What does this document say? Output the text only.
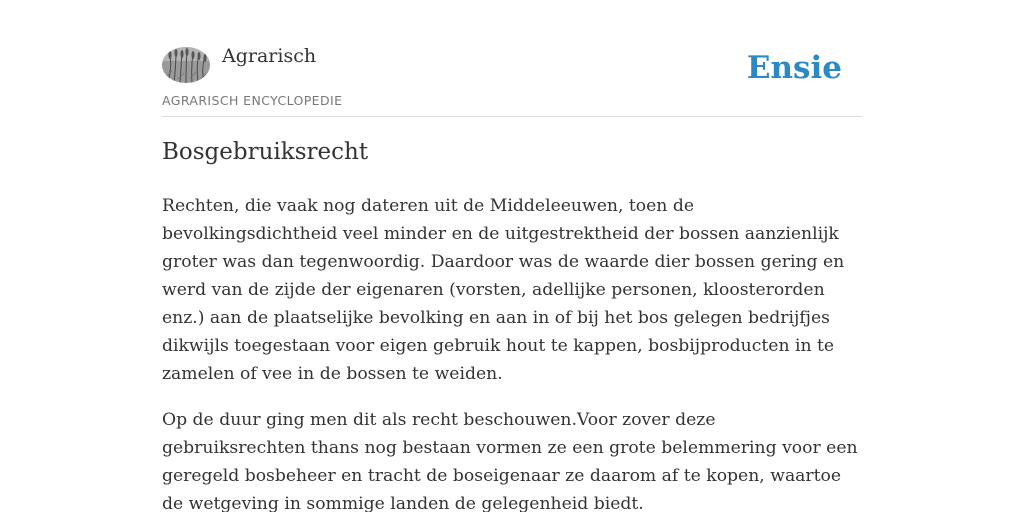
Agrarisch
AGRARISCH ENCYCLOPEDIE
Ensie
Bosgebruiksrecht

Rechten, die vaak nog dateren uit de Middeleeuwen, toen de bevolkingsdichtheid veel minder en de uitgestrektheid der bossen aanzienlijk groter was dan tegenwoordig. Daardoor was de waarde dier bossen gering en werd van de zijde der eigenaren (vorsten, adellijke personen, kloosterorden enz.) aan de plaatselijke bevolking en aan in of bij het bos gelegen bedrijfjes dikwijls toegestaan voor eigen gebruik hout te kappen, bosbijproducten in te zamelen of vee in de bossen te weiden.

Op de duur ging men dit als recht beschouwen.Voor zover deze gebruiksrechten thans nog bestaan vormen ze een grote belemmering voor een geregeld bosbeheer en tracht de boseigenaar ze daarom af te kopen, waartoe de wetgeving in sommige landen de gelegenheid biedt.
